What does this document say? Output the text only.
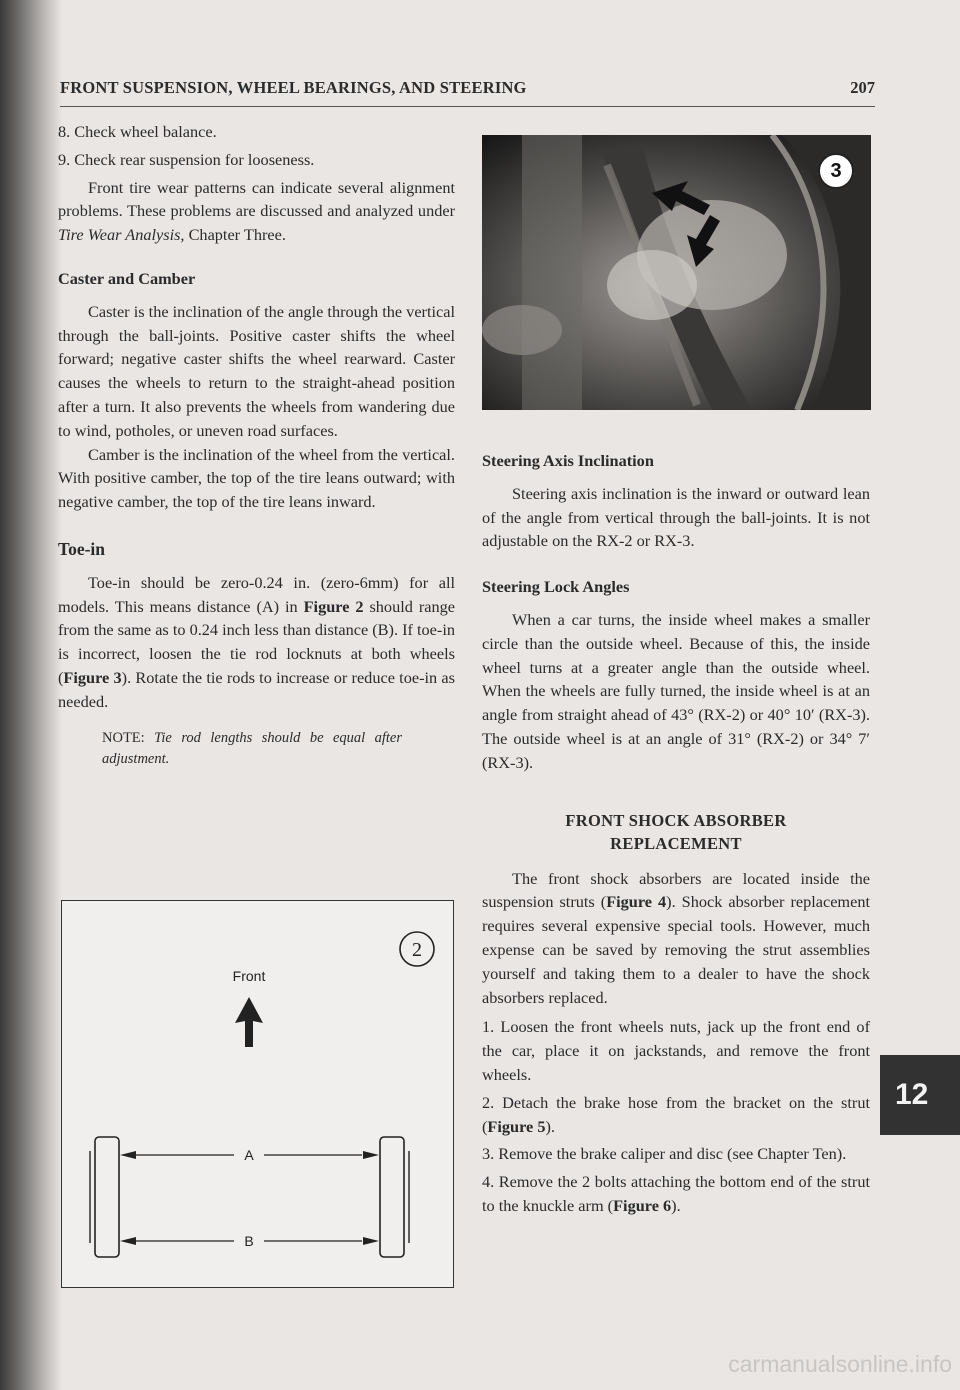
FRONT SUSPENSION, WHEEL BEARINGS, AND STEERING	207

8. Check wheel balance.

9. Check rear suspension for looseness.

Front tire wear patterns can indicate several alignment problems. These problems are discussed and analyzed under Tire Wear Analysis, Chapter Three.

Caster and Camber

Caster is the inclination of the angle through the vertical through the ball-joints. Positive caster shifts the wheel forward; negative caster shifts the wheel rearward. Caster causes the wheels to return to the straight-ahead position after a turn. It also prevents the wheels from wandering due to wind, potholes, or uneven road surfaces.

Camber is the inclination of the wheel from the vertical. With positive camber, the top of the tire leans outward; with negative camber, the top of the tire leans inward.

Toe-in

Toe-in should be zero-0.24 in. (zero-6mm) for all models. This means distance (A) in Figure 2 should range from the same as to 0.24 inch less than distance (B). If toe-in is incorrect, loosen the tie rod locknuts at both wheels (Figure 3). Rotate the tie rods to increase or reduce toe-in as needed.

NOTE: Tie rod lengths should be equal after adjustment.

2
Front
A
B
3
Steering Axis Inclination

Steering axis inclination is the inward or outward lean of the angle from vertical through the ball-joints. It is not adjustable on the RX-2 or RX-3.

Steering Lock Angles

When a car turns, the inside wheel makes a smaller circle than the outside wheel. Because of this, the inside wheel turns at a greater angle than the outside wheel. When the wheels are fully turned, the inside wheel is at an angle from straight ahead of 43° (RX-2) or 40° 10′ (RX-3). The outside wheel is at an angle of 31° (RX-2) or 34° 7′ (RX-3).

FRONT SHOCK ABSORBER
REPLACEMENT

The front shock absorbers are located inside the suspension struts (Figure 4). Shock absorber replacement requires several expensive special tools. However, much expense can be saved by removing the strut assemblies yourself and taking them to a dealer to have the shock absorbers replaced.

1. Loosen the front wheels nuts, jack up the front end of the car, place it on jackstands, and remove the front wheels.

2. Detach the brake hose from the bracket on the strut (Figure 5).

3. Remove the brake caliper and disc (see Chapter Ten).

4. Remove the 2 bolts attaching the bottom end of the strut to the knuckle arm (Figure 6).

12
carmanualsonline.info
